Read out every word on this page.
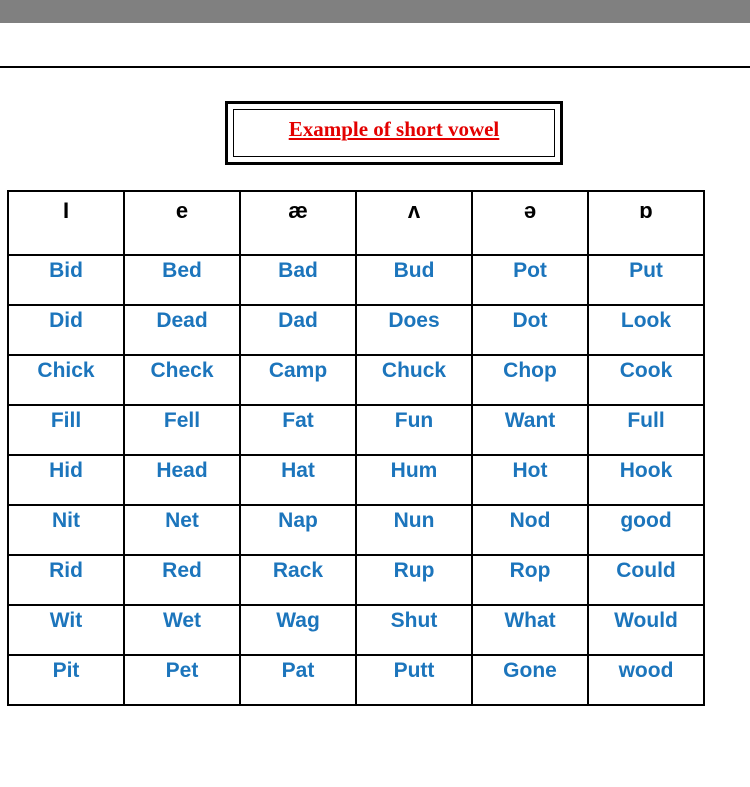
Example of short vowel
I	e	æ	ʌ	ə	ɒ
Bid	Bed	Bad	Bud	Pot	Put
Did	Dead	Dad	Does	Dot	Look
Chick	Check	Camp	Chuck	Chop	Cook
Fill	Fell	Fat	Fun	Want	Full
Hid	Head	Hat	Hum	Hot	Hook
Nit	Net	Nap	Nun	Nod	good
Rid	Red	Rack	Rup	Rop	Could
Wit	Wet	Wag	Shut	What	Would
Pit	Pet	Pat	Putt	Gone	wood
